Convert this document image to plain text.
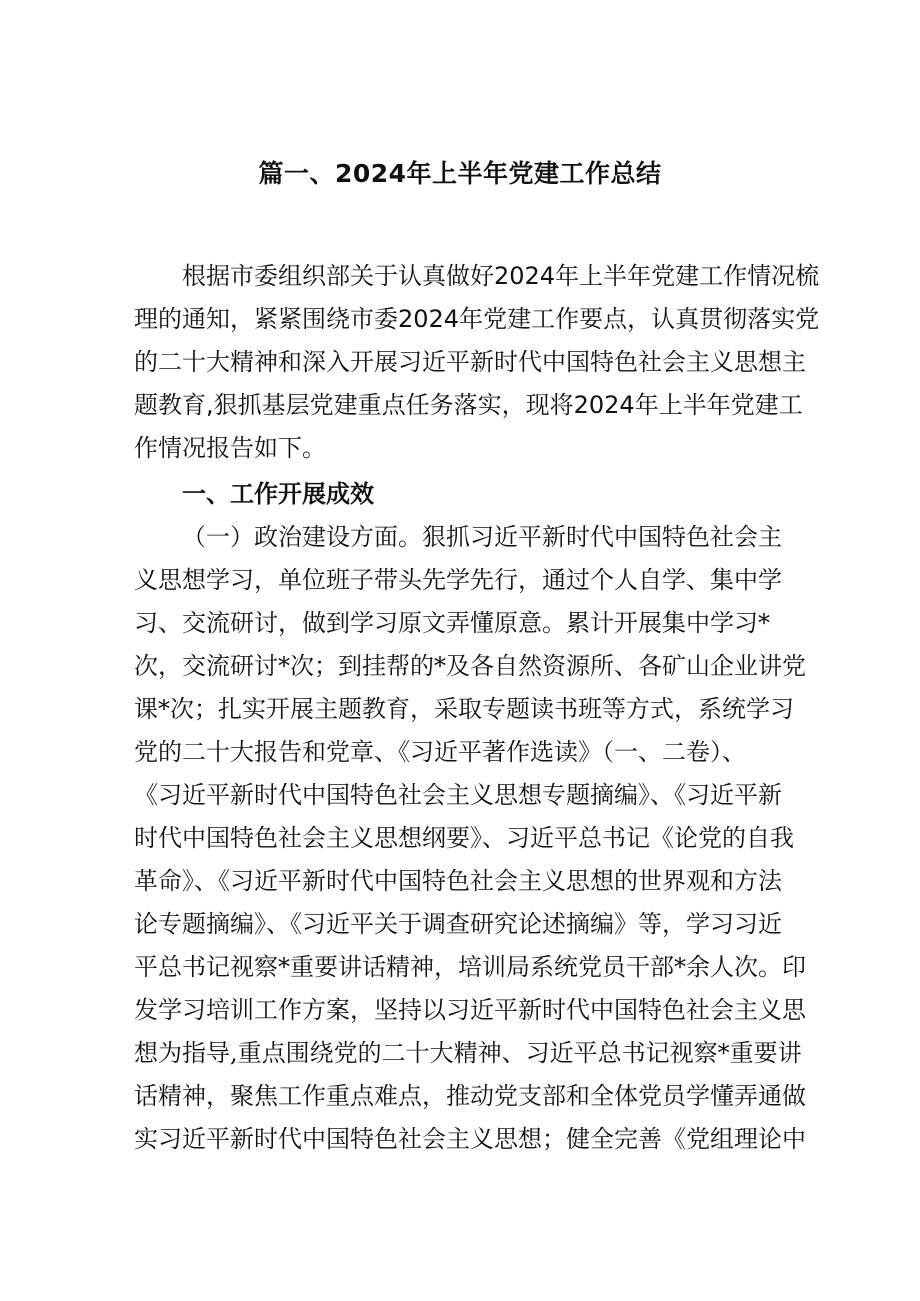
篇一、2024年上半年党建工作总结
根据市委组织部关于认真做好2024年上半年党建工作情况梳
理的通知，紧紧围绕市委2024年党建工作要点，认真贯彻落实党
的二十大精神和深入开展习近平新时代中国特色社会主义思想主
题教育,狠抓基层党建重点任务落实，现将2024年上半年党建工
作情况报告如下。
一、工作开展成效
（一）政治建设方面。狠抓习近平新时代中国特色社会主
义思想学习，单位班子带头先学先行，通过个人自学、集中学
习、交流研讨，做到学习原文弄懂原意。累计开展集中学习*
次，交流研讨*次；到挂帮的*及各自然资源所、各矿山企业讲党
课*次；扎实开展主题教育，采取专题读书班等方式，系统学习
党的二十大报告和党章、《习近平著作选读》（一、二卷）、
《习近平新时代中国特色社会主义思想专题摘编》、《习近平新
时代中国特色社会主义思想纲要》、习近平总书记《论党的自我
革命》、《习近平新时代中国特色社会主义思想的世界观和方法
论专题摘编》、《习近平关于调查研究论述摘编》等，学习习近
平总书记视察*重要讲话精神，培训局系统党员干部*余人次。印
发学习培训工作方案，坚持以习近平新时代中国特色社会主义思
想为指导,重点围绕党的二十大精神、习近平总书记视察*重要讲
话精神，聚焦工作重点难点，推动党支部和全体党员学懂弄通做
实习近平新时代中国特色社会主义思想；健全完善《党组理论中
